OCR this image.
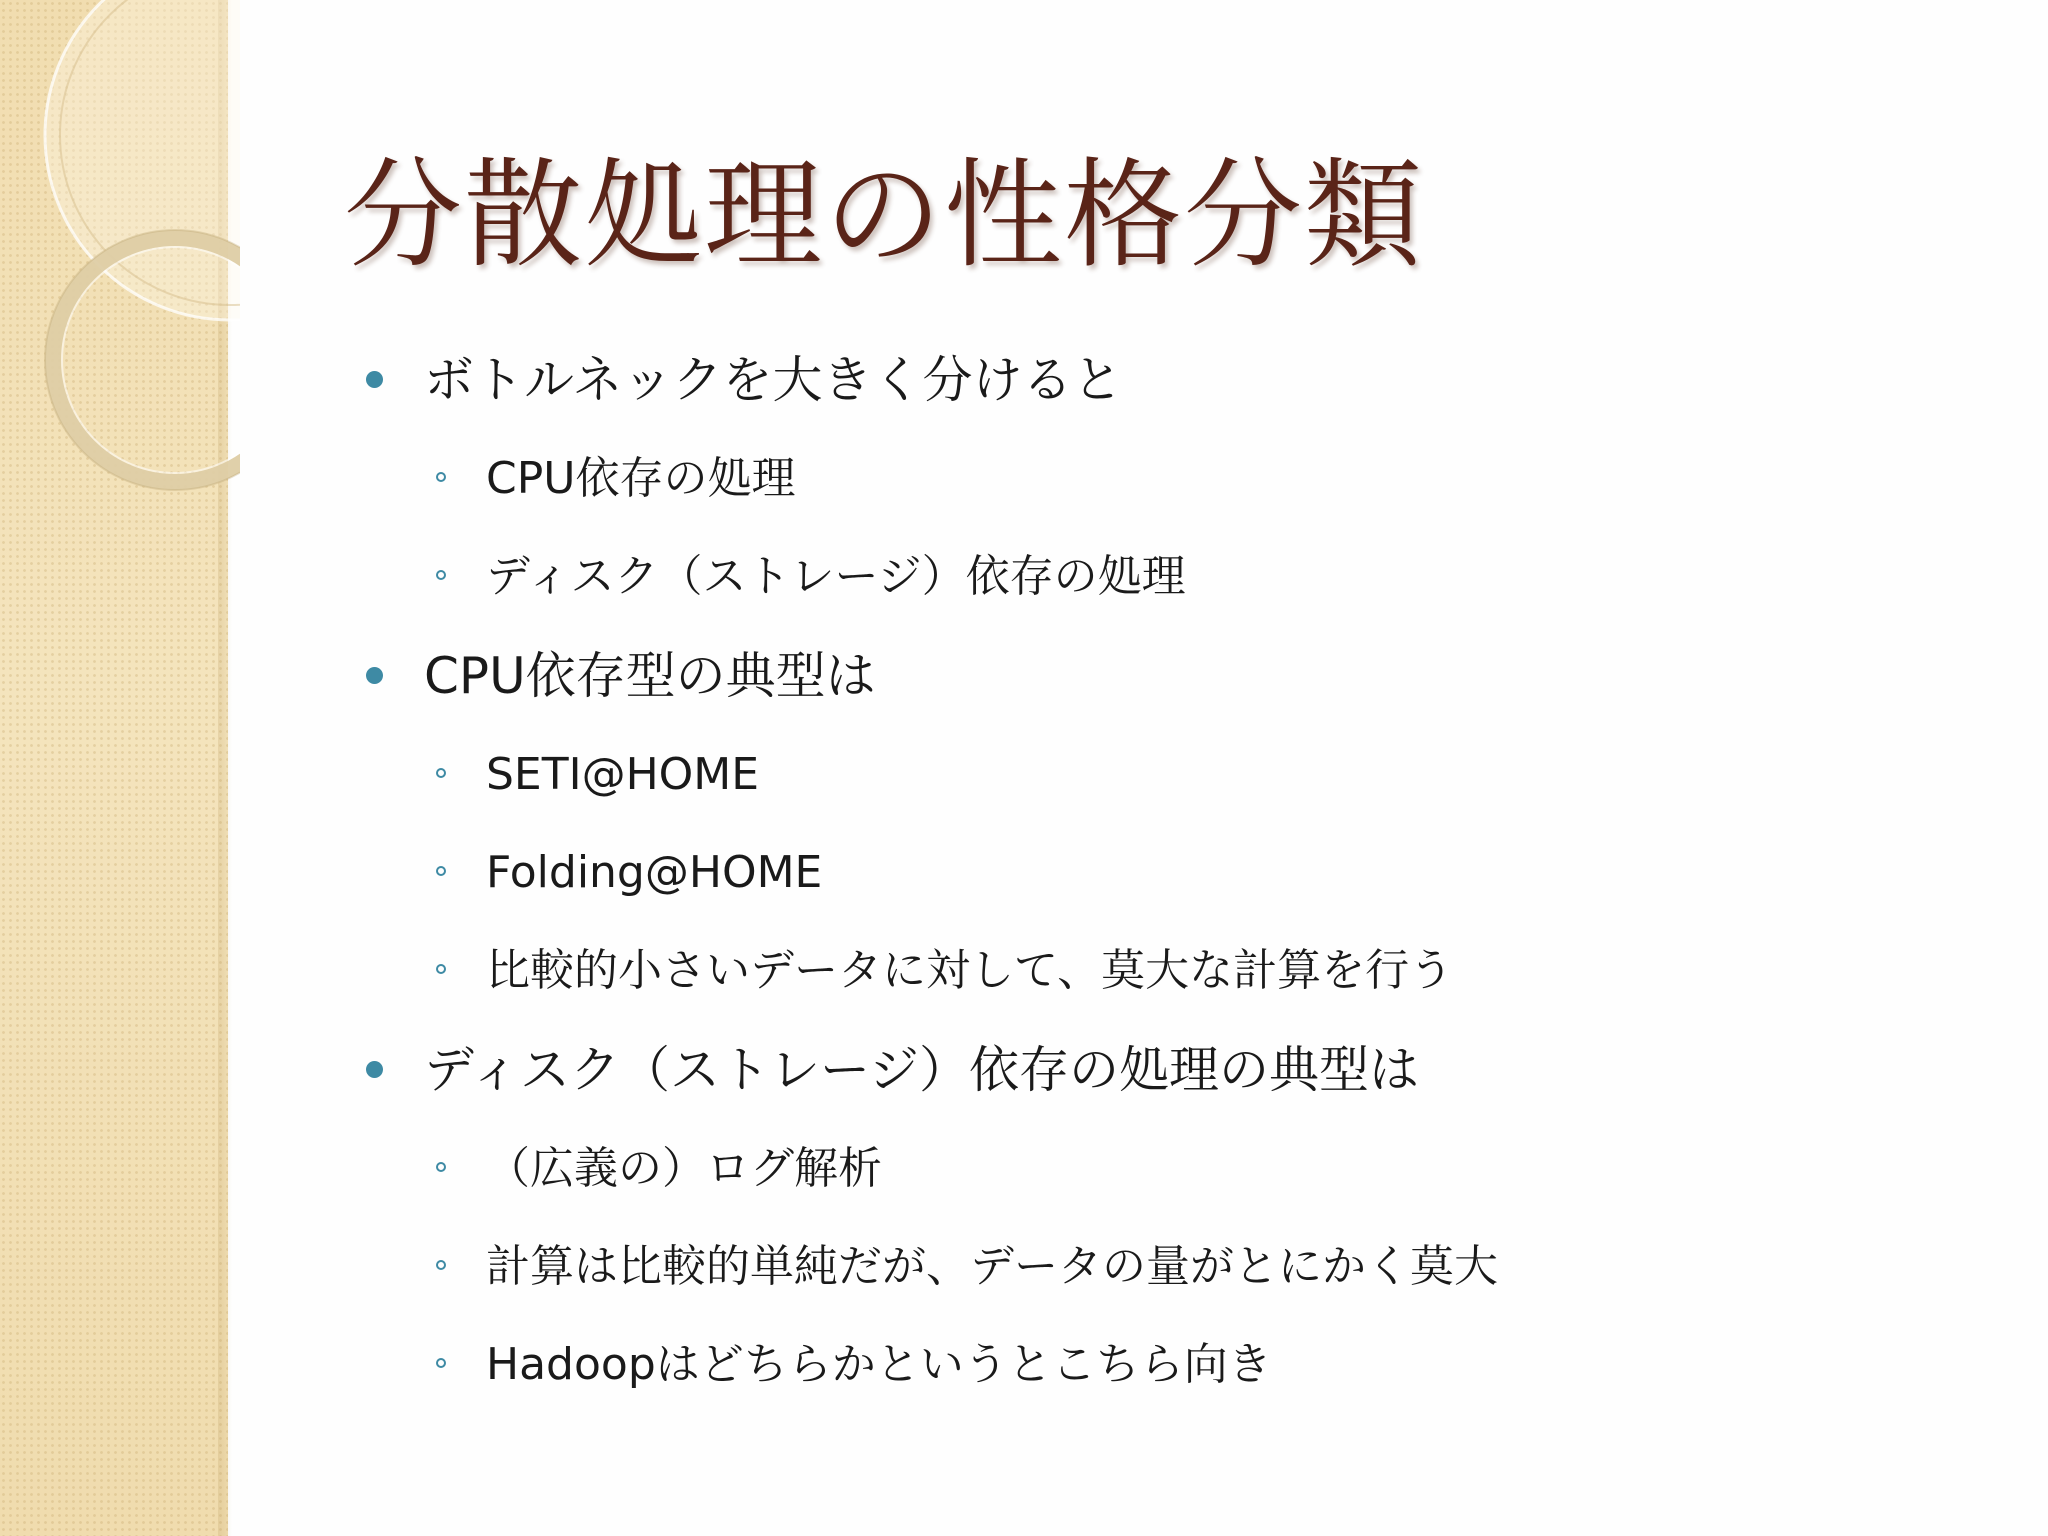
分散処理の性格分類
ボトルネックを大きく分けると
CPU依存の処理
ディスク（ストレージ）依存の処理
CPU依存型の典型は
SETI@HOME
Folding@HOME
比較的小さいデータに対して、莫大な計算を行う
ディスク（ストレージ）依存の処理の典型は
（広義の）ログ解析
計算は比較的単純だが、データの量がとにかく莫大
Hadoopはどちらかというとこちら向き
